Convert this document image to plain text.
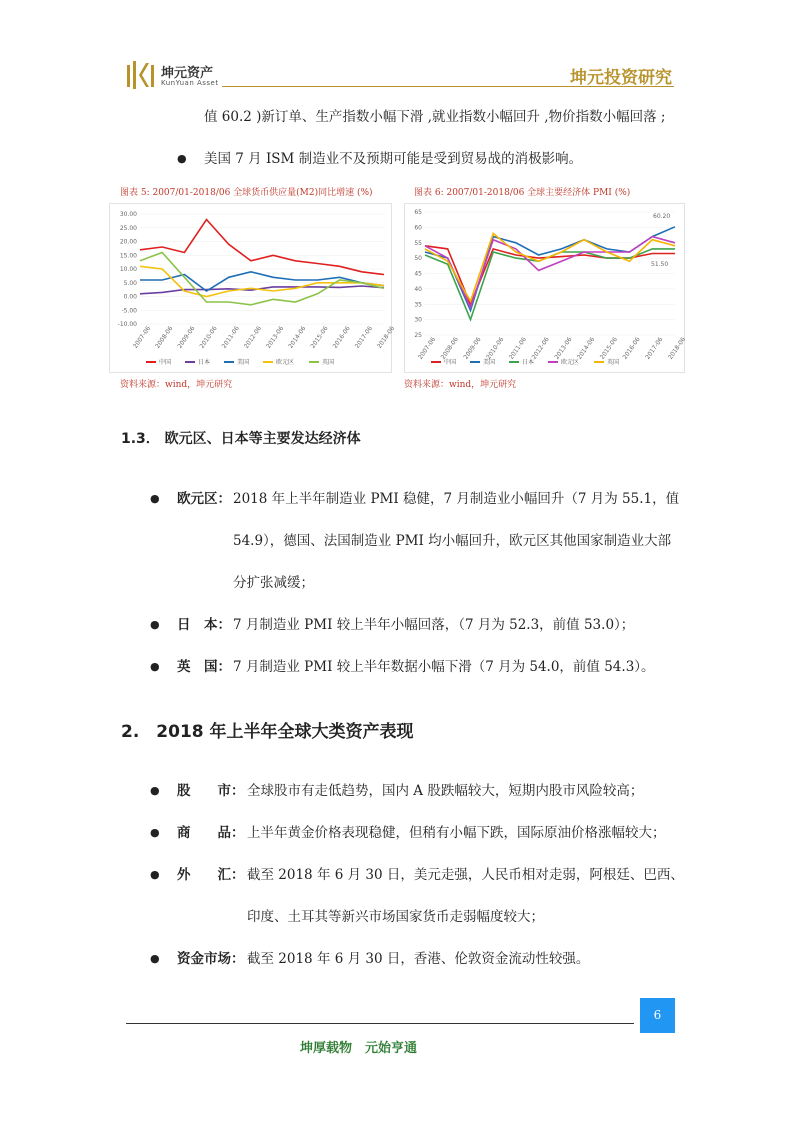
坤元资产
KunYuan Asset	坤元投资研究
值 60.2 )新订单、生产指数小幅下滑 ,就业指数小幅回升 ,物价指数小幅回落 ;
● 美国 7 月 ISM 制造业不及预期可能是受到贸易战的消极影响。
图表 5: 2007/01-2018/06 全球货币供应量(M2)同比增速 (%)	图表 6: 2007/01-2018/06 全球主要经济体 PMI (%)
30.00
25.00
20.00
15.00
10.00
5.00
0.00
-5.00
-10.00
2007-06 2008-06 2009-06 2010-06 2011-06 2012-06 2013-06 2014-06 2015-06 2016-06 2017-06 2018-06
中国	日本	美国	欧元区	英国
65
60
55
50
45
40
35
30
25
2007-06 2008-06 2009-06 2010-06 2011-06 2012-06 2013-06 2014-06 2015-06 2016-06 2017-06 2018-06
中国	美国	日本	欧元区	英国
60.20
51.50
资料来源：wind，坤元研究	资料来源：wind，坤元研究
1.3． 欧元区、日本等主要发达经济体
● 欧元区： 2018 年上半年制造业 PMI 稳健，7 月制造业小幅回升（7 月为 55.1，值
54.9），德国、法国制造业 PMI 均小幅回升，欧元区其他国家制造业大部
分扩张减缓；
● 日　本： 7 月制造业 PMI 较上半年小幅回落，（7 月为 52.3，前值 53.0）；
● 英　国： 7 月制造业 PMI 较上半年数据小幅下滑（7 月为 54.0，前值 54.3）。
2.　2018 年上半年全球大类资产表现
● 股　　市： 全球股市有走低趋势，国内 A 股跌幅较大，短期内股市风险较高；
● 商　　品： 上半年黄金价格表现稳健，但稍有小幅下跌，国际原油价格涨幅较大；
● 外　　汇： 截至 2018 年 6 月 30 日，美元走强，人民币相对走弱，阿根廷、巴西、
印度、土耳其等新兴市场国家货币走弱幅度较大；
● 资金市场： 截至 2018 年 6 月 30 日，香港、伦敦资金流动性较强。
6
坤厚载物　元始亨通
